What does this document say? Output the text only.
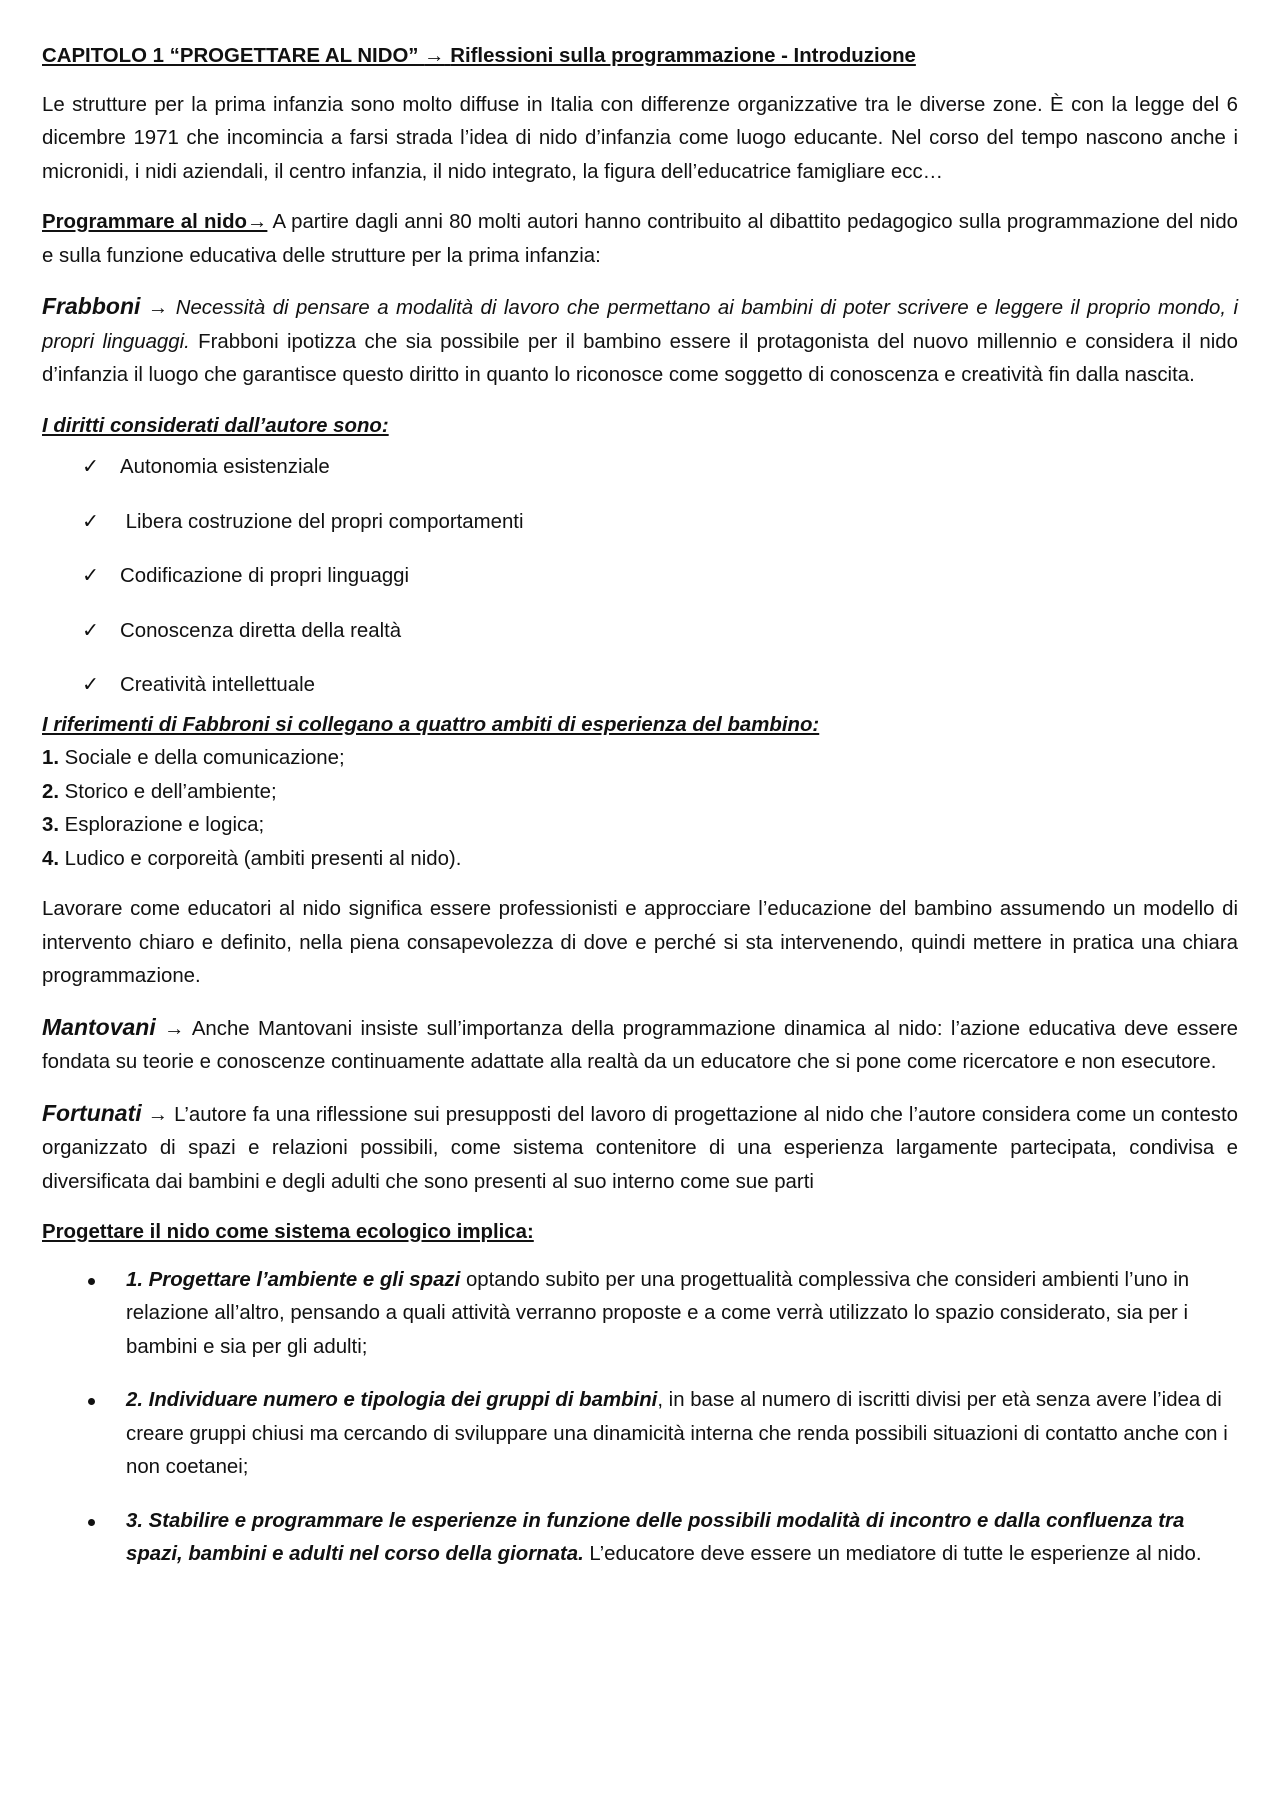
CAPITOLO 1 “PROGETTARE AL NIDO” → Riflessioni sulla programmazione - Introduzione

Le strutture per la prima infanzia sono molto diffuse in Italia con differenze organizzative tra le diverse zone. È con la legge del 6 dicembre 1971 che incomincia a farsi strada l’idea di nido d’infanzia come luogo educante. Nel corso del tempo nascono anche i micronidi, i nidi aziendali, il centro infanzia, il nido integrato, la figura dell’educatrice famigliare ecc…

Programmare al nido→ A partire dagli anni 80 molti autori hanno contribuito al dibattito pedagogico sulla programmazione del nido e sulla funzione educativa delle strutture per la prima infanzia:

Frabboni → Necessità di pensare a modalità di lavoro che permettano ai bambini di poter scrivere e leggere il proprio mondo, i propri linguaggi. Frabboni ipotizza che sia possibile per il bambino essere il protagonista del nuovo millennio e considera il nido d’infanzia il luogo che garantisce questo diritto in quanto lo riconosce come soggetto di conoscenza e creatività fin dalla nascita.

I diritti considerati dall’autore sono:
✓ Autonomia esistenziale
✓ Libera costruzione del propri comportamenti
✓ Codificazione di propri linguaggi
✓ Conoscenza diretta della realtà
✓ Creatività intellettuale
I riferimenti di Fabbroni si collegano a quattro ambiti di esperienza del bambino:
1. Sociale e della comunicazione;
2. Storico e dell’ambiente;
3. Esplorazione e logica;
4. Ludico e corporeità (ambiti presenti al nido).

Lavorare come educatori al nido significa essere professionisti e approcciare l’educazione del bambino assumendo un modello di intervento chiaro e definito, nella piena consapevolezza di dove e perché si sta intervenendo, quindi mettere in pratica una chiara programmazione.

Mantovani → Anche Mantovani insiste sull’importanza della programmazione dinamica al nido: l’azione educativa deve essere fondata su teorie e conoscenze continuamente adattate alla realtà da un educatore che si pone come ricercatore e non esecutore.

Fortunati → L’autore fa una riflessione sui presupposti del lavoro di progettazione al nido che l’autore considera come un contesto organizzato di spazi e relazioni possibili, come sistema contenitore di una esperienza largamente partecipata, condivisa e diversificata dai bambini e degli adulti che sono presenti al suo interno come sue parti

Progettare il nido come sistema ecologico implica:
1. Progettare l’ambiente e gli spazi optando subito per una progettualità complessiva che consideri ambienti l’uno in relazione all’altro, pensando a quali attività verranno proposte e a come verrà utilizzato lo spazio considerato, sia per i bambini e sia per gli adulti;
2. Individuare numero e tipologia dei gruppi di bambini, in base al numero di iscritti divisi per età senza avere l’idea di creare gruppi chiusi ma cercando di sviluppare una dinamicità interna che renda possibili situazioni di contatto anche con i non coetanei;
3. Stabilire e programmare le esperienze in funzione delle possibili modalità di incontro e dalla confluenza tra spazi, bambini e adulti nel corso della giornata. L’educatore deve essere un mediatore di tutte le esperienze al nido.
